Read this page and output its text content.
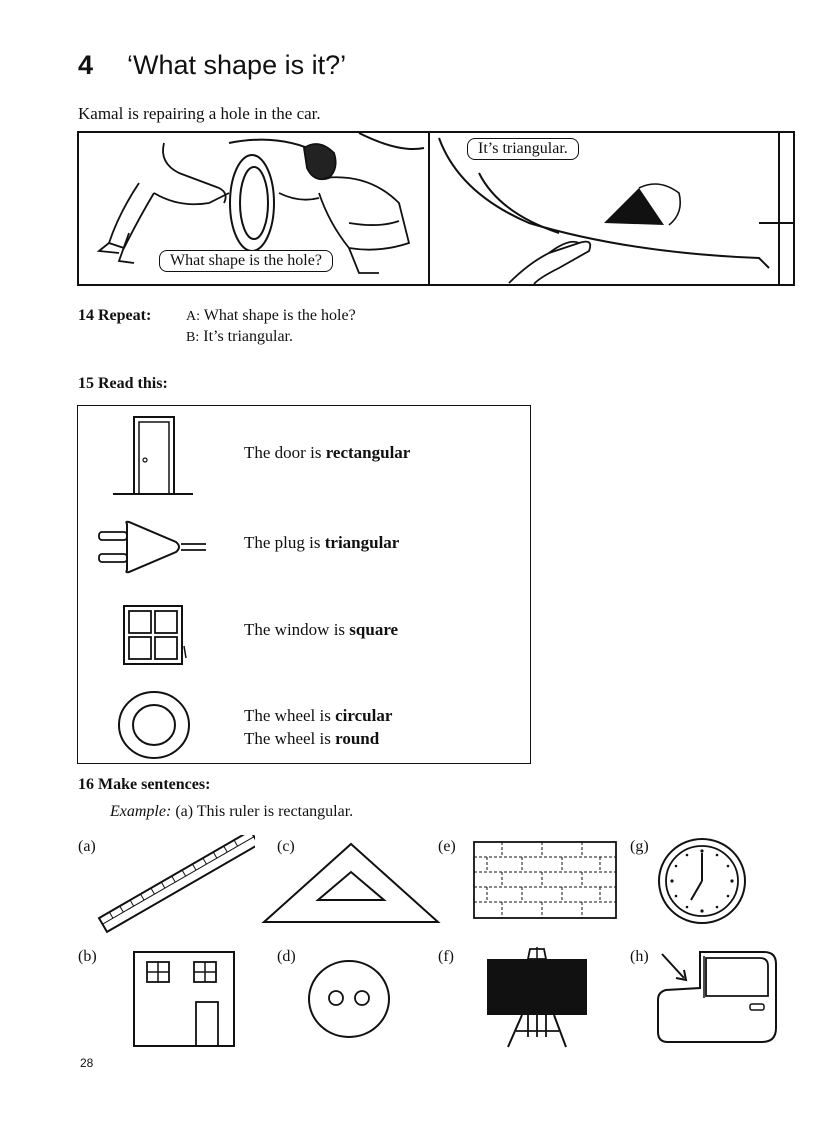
4 ‘What shape is it?’
Kamal is repairing a hole in the car.
What shape is the hole?
It’s triangular.
14 Repeat: A: What shape is the hole?
B: It’s triangular.
15 Read this:
The door is rectangular
The plug is triangular
The window is square
The wheel is circular
The wheel is round
16 Make sentences:
Example: (a) This ruler is rectangular.
(a)
(b)
(c)
(d)
(e)
(f)
(g)
(h)
28
